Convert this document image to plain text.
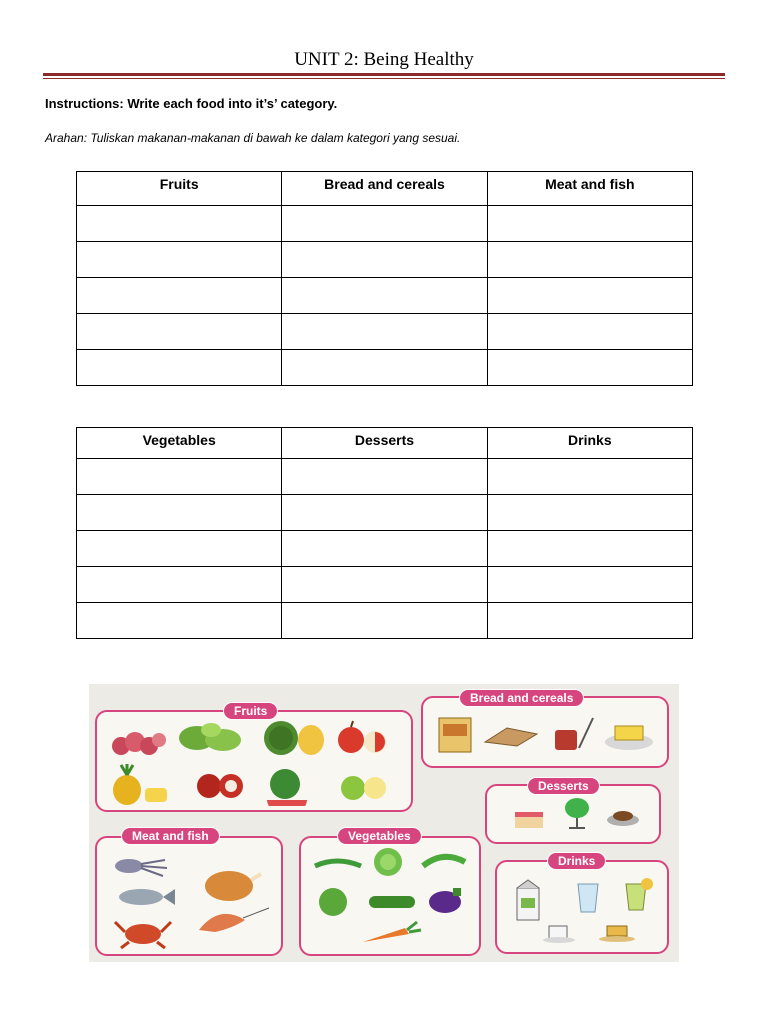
UNIT 2: Being Healthy
Instructions: Write each food into it’s’ category.
Arahan: Tuliskan makanan-makanan di bawah ke dalam kategori yang sesuai.
Fruits	Bread and cereals	Meat and fish

Vegetables	Desserts	Drinks

Fruits
Bread and cereals
Desserts
Meat and fish	Vegetables
Drinks
